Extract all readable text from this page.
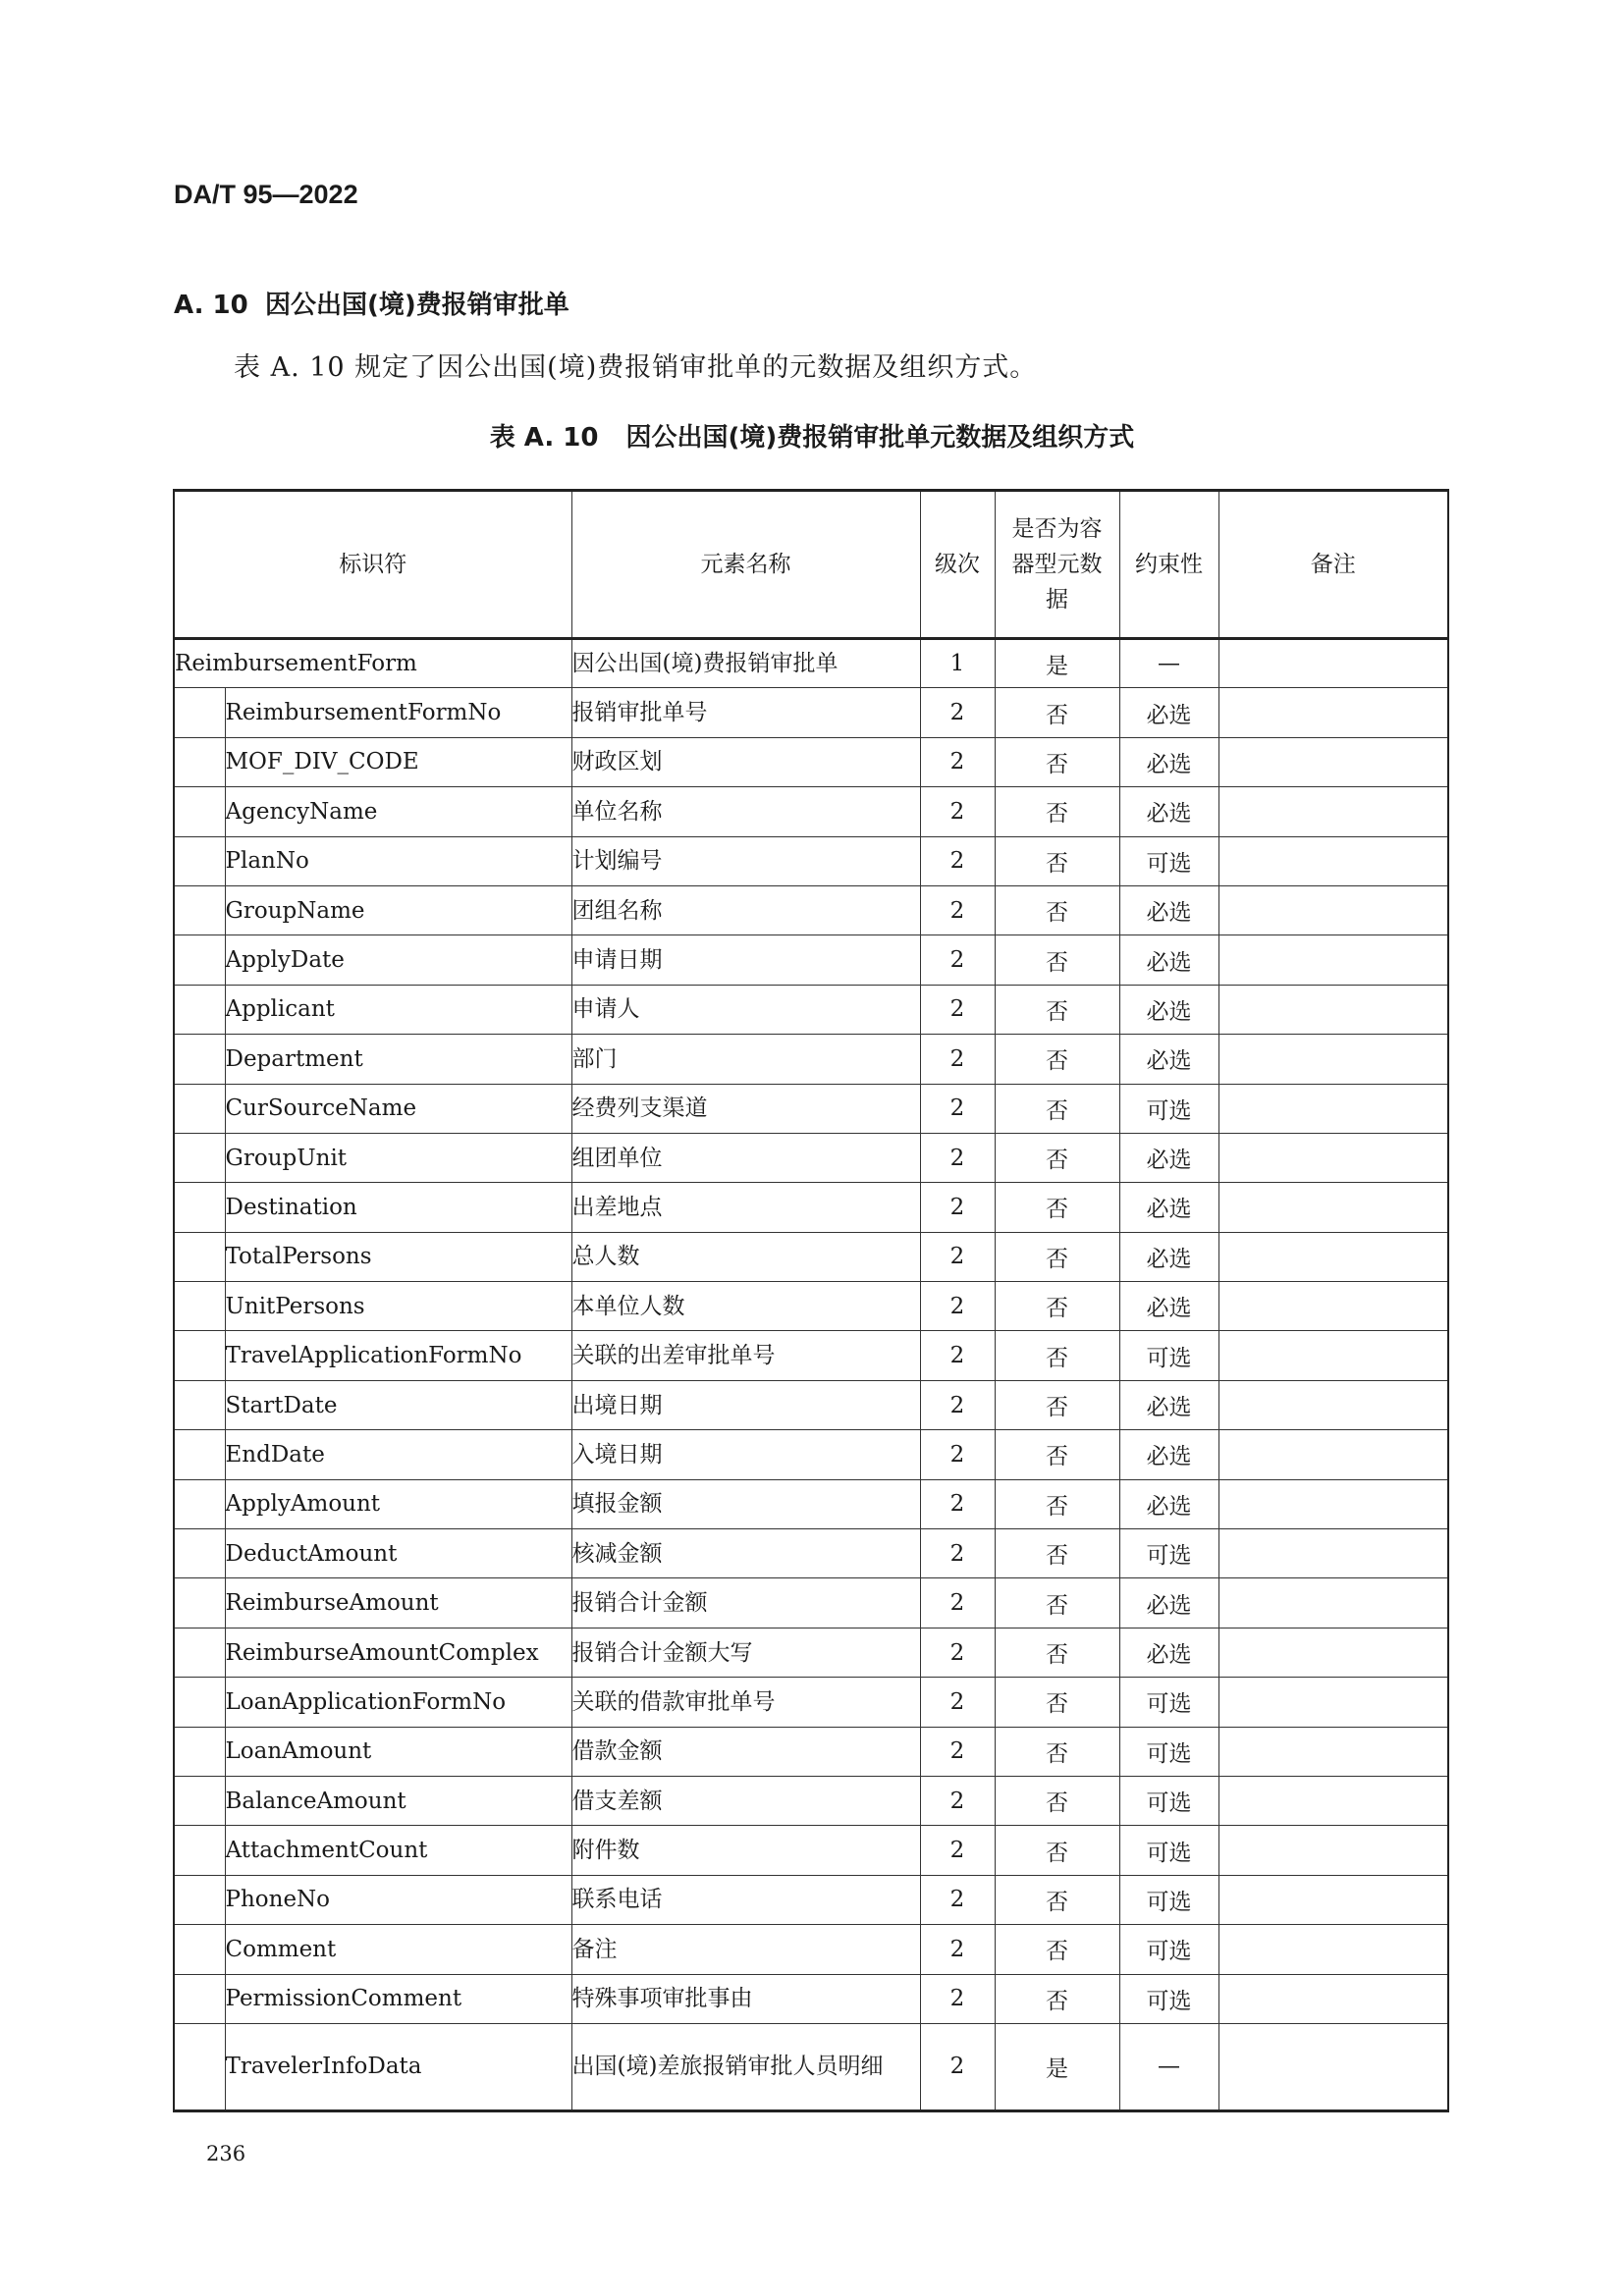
DA/T 95—2022
A. 10 因公出国(境)费报销审批单
表 A. 10 规定了因公出国(境)费报销审批单的元数据及组织方式。
表 A. 10 因公出国(境)费报销审批单元数据及组织方式
标识符		元素名称	级次	是否为容器型元数据	约束性	备注
ReimbursementForm		因公出国(境)费报销审批单	1	是	—	
	ReimbursementFormNo	报销审批单号	2	否	必选	
	MOF_DIV_CODE	财政区划	2	否	必选	
	AgencyName	单位名称	2	否	必选	
	PlanNo	计划编号	2	否	可选	
	GroupName	团组名称	2	否	必选	
	ApplyDate	申请日期	2	否	必选	
	Applicant	申请人	2	否	必选	
	Department	部门	2	否	必选	
	CurSourceName	经费列支渠道	2	否	可选	
	GroupUnit	组团单位	2	否	必选	
	Destination	出差地点	2	否	必选	
	TotalPersons	总人数	2	否	必选	
	UnitPersons	本单位人数	2	否	必选	
	TravelApplicationFormNo	关联的出差审批单号	2	否	可选	
	StartDate	出境日期	2	否	必选	
	EndDate	入境日期	2	否	必选	
	ApplyAmount	填报金额	2	否	必选	
	DeductAmount	核减金额	2	否	可选	
	ReimburseAmount	报销合计金额	2	否	必选	
	ReimburseAmountComplex	报销合计金额大写	2	否	必选	
	LoanApplicationFormNo	关联的借款审批单号	2	否	可选	
	LoanAmount	借款金额	2	否	可选	
	BalanceAmount	借支差额	2	否	可选	
	AttachmentCount	附件数	2	否	可选	
	PhoneNo	联系电话	2	否	可选	
	Comment	备注	2	否	可选	
	PermissionComment	特殊事项审批事由	2	否	可选	
	TravelerInfoData	出国(境)差旅报销审批人员明细	2	是	—	
236
